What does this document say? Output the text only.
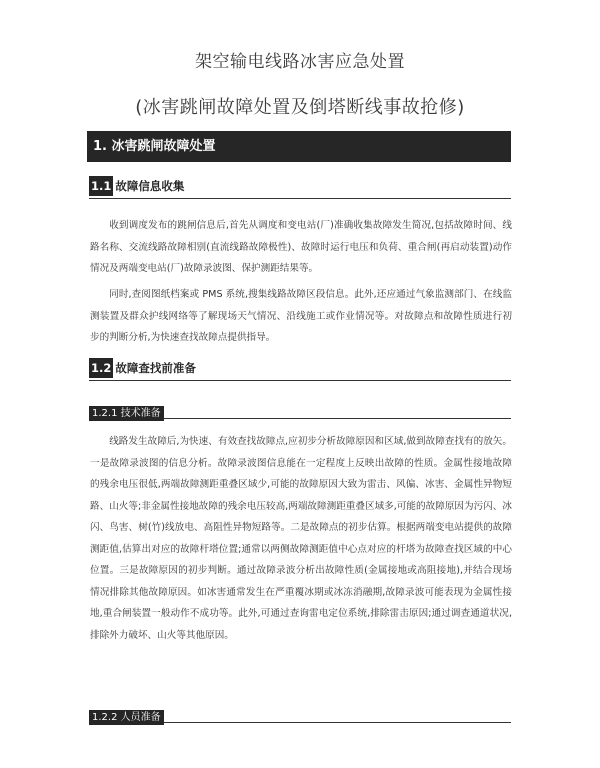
架空输电线路冰害应急处置
(冰害跳闸故障处置及倒塔断线事故抢修)
1. 冰害跳闸故障处置
1.1 故障信息收集

收到调度发布的跳闸信息后,首先从调度和变电站(厂)准确收集故障发生简况,包括故障时间、线路名称、交流线路故障相别(直流线路故障极性)、故障时运行电压和负荷、重合闸(再启动装置)动作情况及两端变电站(厂)故障录波图、保护测距结果等。

同时,查阅图纸档案或 PMS 系统,搜集线路故障区段信息。此外,还应通过气象监测部门、在线监测装置及群众护线网络等了解现场天气情况、沿线施工或作业情况等。对故障点和故障性质进行初步的判断分析,为快速查找故障点提供指导。

1.2 故障查找前准备
1.2.1 技术准备

线路发生故障后,为快速、有效查找故障点,应初步分析故障原因和区域,做到故障查找有的放矢。一是故障录波图的信息分析。故障录波图信息能在一定程度上反映出故障的性质。金属性接地故障的残余电压很低,两端故障测距重叠区域少,可能的故障原因大致为雷击、风偏、冰害、金属性异物短路、山火等;非金属性接地故障的残余电压较高,两端故障测距重叠区域多,可能的故障原因为污闪、冰闪、鸟害、树(竹)线放电、高阻性异物短路等。二是故障点的初步估算。根据两端变电站提供的故障测距值,估算出对应的故障杆塔位置;通常以两侧故障测距值中心点对应的杆塔为故障查找区域的中心位置。三是故障原因的初步判断。通过故障录波分析出故障性质(金属接地或高阻接地),并结合现场情况排除其他故障原因。如冰害通常发生在严重覆冰期或冰冻消融期,故障录波可能表现为金属性接地,重合闸装置一般动作不成功等。此外,可通过查询雷电定位系统,排除雷击原因;通过调查通道状况,排除外力破坏、山火等其他原因。

1.2.2 人员准备
